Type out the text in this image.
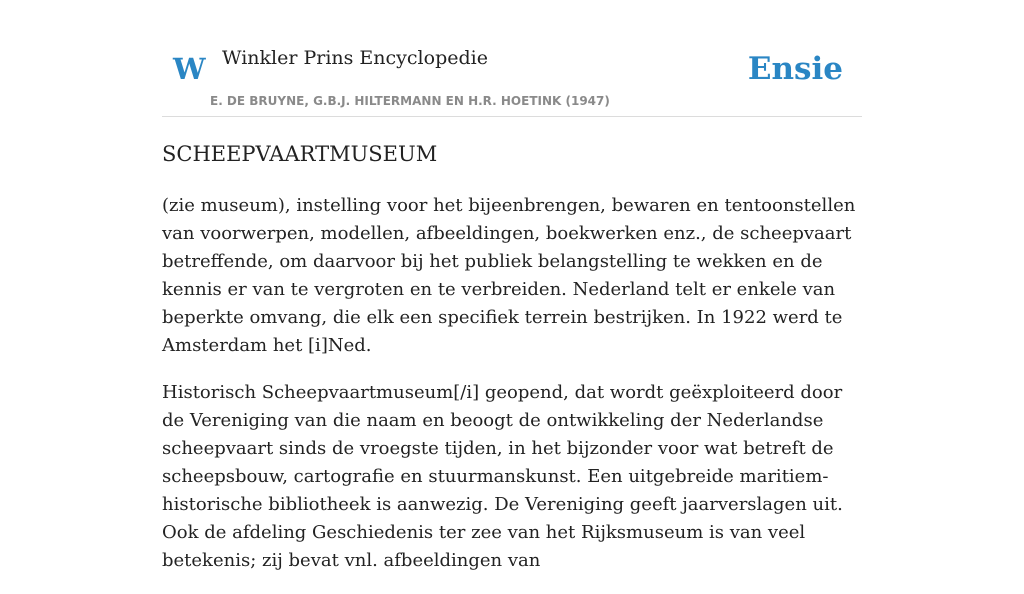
W Winkler Prins Encyclopedie
E. DE BRUYNE, G.B.J. HILTERMANN EN H.R. HOETINK (1947)
Ensie
SCHEEPVAARTMUSEUM

(zie museum), instelling voor het bijeenbrengen, bewaren en tentoonstellen van voorwerpen, modellen, afbeeldingen, boekwerken enz., de scheepvaart betreffende, om daarvoor bij het publiek belangstelling te wekken en de kennis er van te vergroten en te verbreiden. Nederland telt er enkele van beperkte omvang, die elk een specifiek terrein bestrijken. In 1922 werd te Amsterdam het [i]Ned.

Historisch Scheepvaartmuseum[/i] geopend, dat wordt geëxploiteerd door de Vereniging van die naam en beoogt de ontwikkeling der Nederlandse scheepvaart sinds de vroegste tijden, in het bijzonder voor wat betreft de scheepsbouw, cartografie en stuurmanskunst. Een uitgebreide maritiem-historische bibliotheek is aanwezig. De Vereniging geeft jaarverslagen uit. Ook de afdeling Geschiedenis ter zee van het Rijksmuseum is van veel betekenis; zij bevat vnl. afbeeldingen van
